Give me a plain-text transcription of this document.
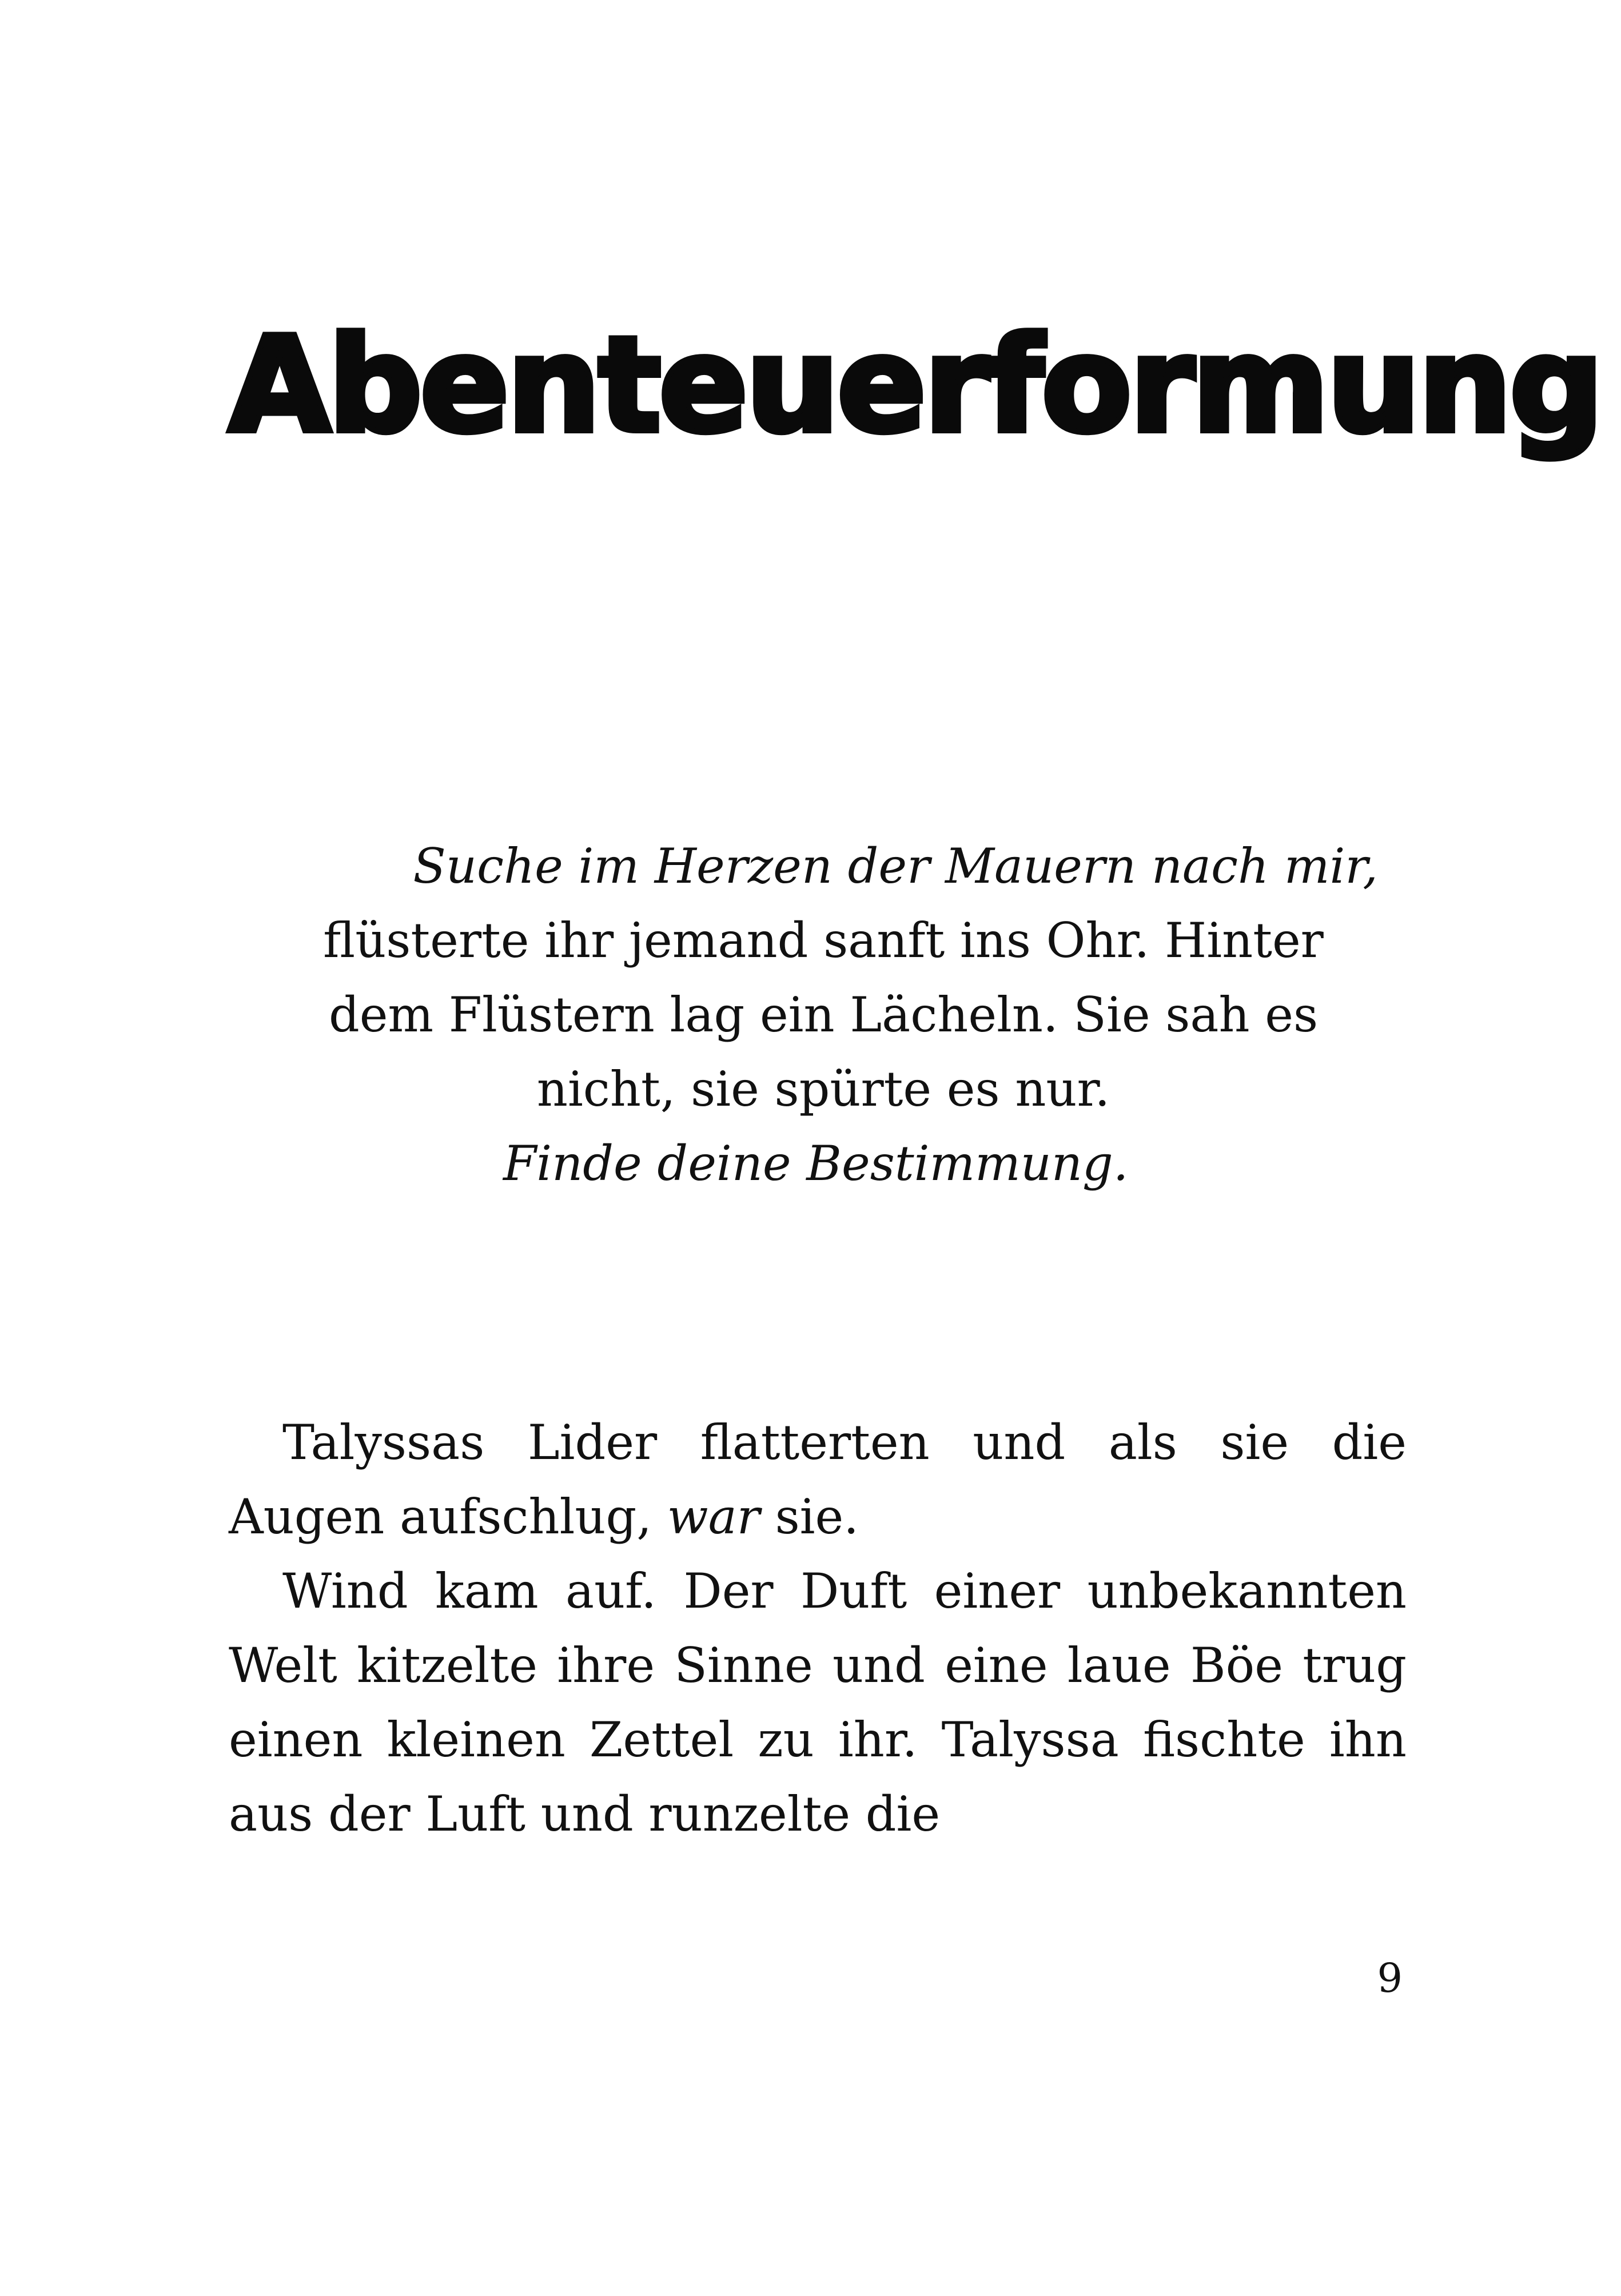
Abenteuerformung

Suche im Herzen der Mauern nach mir,

flüsterte ihr jemand sanft ins Ohr. Hinter

dem Flüstern lag ein Lächeln. Sie sah es

nicht, sie spürte es nur.

Finde deine Bestimmung.

Talyssas Lider flatterten und als sie die Augen aufschlug, war sie.

Wind kam auf. Der Duft einer unbekannten Welt kitzelte ihre Sinne und eine laue Böe trug einen kleinen Zettel zu ihr. Talyssa fischte ihn aus der Luft und runzelte die

9
